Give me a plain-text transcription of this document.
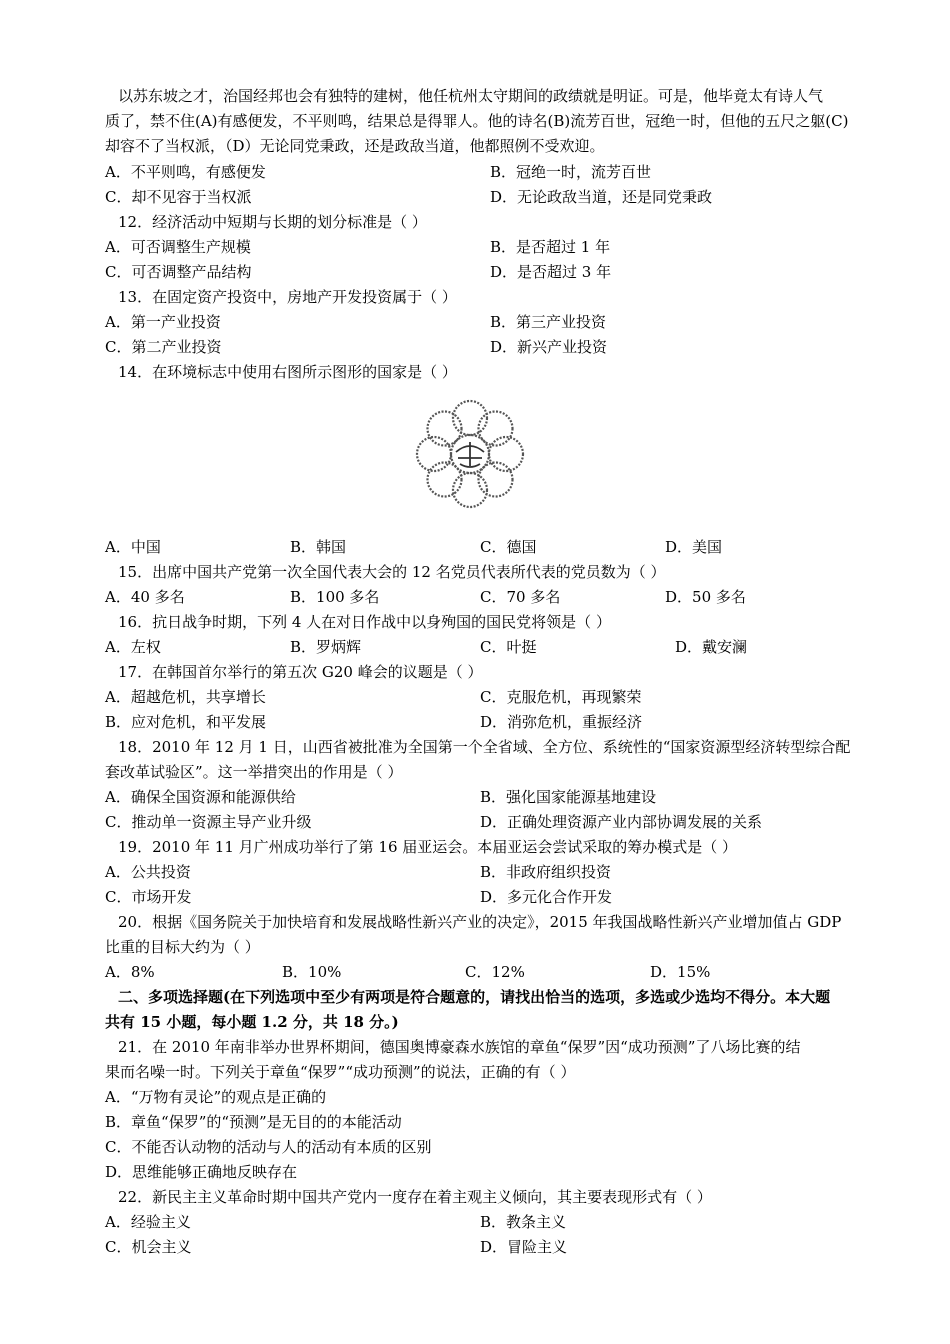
以苏东坡之才，治国经邦也会有独特的建树，他任杭州太守期间的政绩就是明证。可是，他毕竟太有诗人气
质了，禁不住(A)有感便发，不平则鸣，结果总是得罪人。他的诗名(B)流芳百世，冠绝一时，但他的五尺之躯(C)
却容不了当权派，（D）无论同党秉政，还是政敌当道，他都照例不受欢迎。
A．不平则鸣，有感便发	B．冠绝一时，流芳百世
C．却不见容于当权派	D．无论政敌当道，还是同党秉政
12．经济活动中短期与长期的划分标准是（ ）
A．可否调整生产规模	B．是否超过 1 年
C．可否调整产品结构	D．是否超过 3 年
13．在固定资产投资中，房地产开发投资属于（ ）
A．第一产业投资	B．第三产业投资
C．第二产业投资	D．新兴产业投资
14．在环境标志中使用右图所示图形的国家是（ ）
A．中国	B．韩国	C．德国	D．美国
15．出席中国共产党第一次全国代表大会的 12 名党员代表所代表的党员数为（ ）
A．40 多名	B．100 多名	C．70 多名	D．50 多名
16．抗日战争时期，下列 4 人在对日作战中以身殉国的国民党将领是（ ）
A．左权	B．罗炳辉	C．叶挺	D．戴安澜
17．在韩国首尔举行的第五次 G20 峰会的议题是（ ）
A．超越危机，共享增长	C．克服危机，再现繁荣
B．应对危机，和平发展	D．消弥危机，重振经济
18．2010 年 12 月 1 日，山西省被批准为全国第一个全省域、全方位、系统性的“国家资源型经济转型综合配
套改革试验区”。这一举措突出的作用是（ ）
A．确保全国资源和能源供给	B．强化国家能源基地建设
C．推动单一资源主导产业升级	D．正确处理资源产业内部协调发展的关系
19．2010 年 11 月广州成功举行了第 16 届亚运会。本届亚运会尝试采取的筹办模式是（ ）
A．公共投资	B．非政府组织投资
C．市场开发	D．多元化合作开发
20．根据《国务院关于加快培育和发展战略性新兴产业的决定》，2015 年我国战略性新兴产业增加值占 GDP
比重的目标大约为（ ）
A．8%	B．10%	C．12%	D．15%
二、多项选择题(在下列选项中至少有两项是符合题意的，请找出恰当的选项，多选或少选均不得分。本大题
共有 15 小题，每小题 1.2 分，共 18 分。)
21．在 2010 年南非举办世界杯期间，德国奥博豪森水族馆的章鱼“保罗”因“成功预测”了八场比赛的结
果而名噪一时。下列关于章鱼“保罗”“成功预测”的说法，正确的有（ ）
A．“万物有灵论”的观点是正确的
B．章鱼“保罗”的“预测”是无目的的本能活动
C．不能否认动物的活动与人的活动有本质的区别
D．思维能够正确地反映存在
22．新民主主义革命时期中国共产党内一度存在着主观主义倾向，其主要表现形式有（ ）
A．经验主义	B．教条主义
C．机会主义	D．冒险主义
